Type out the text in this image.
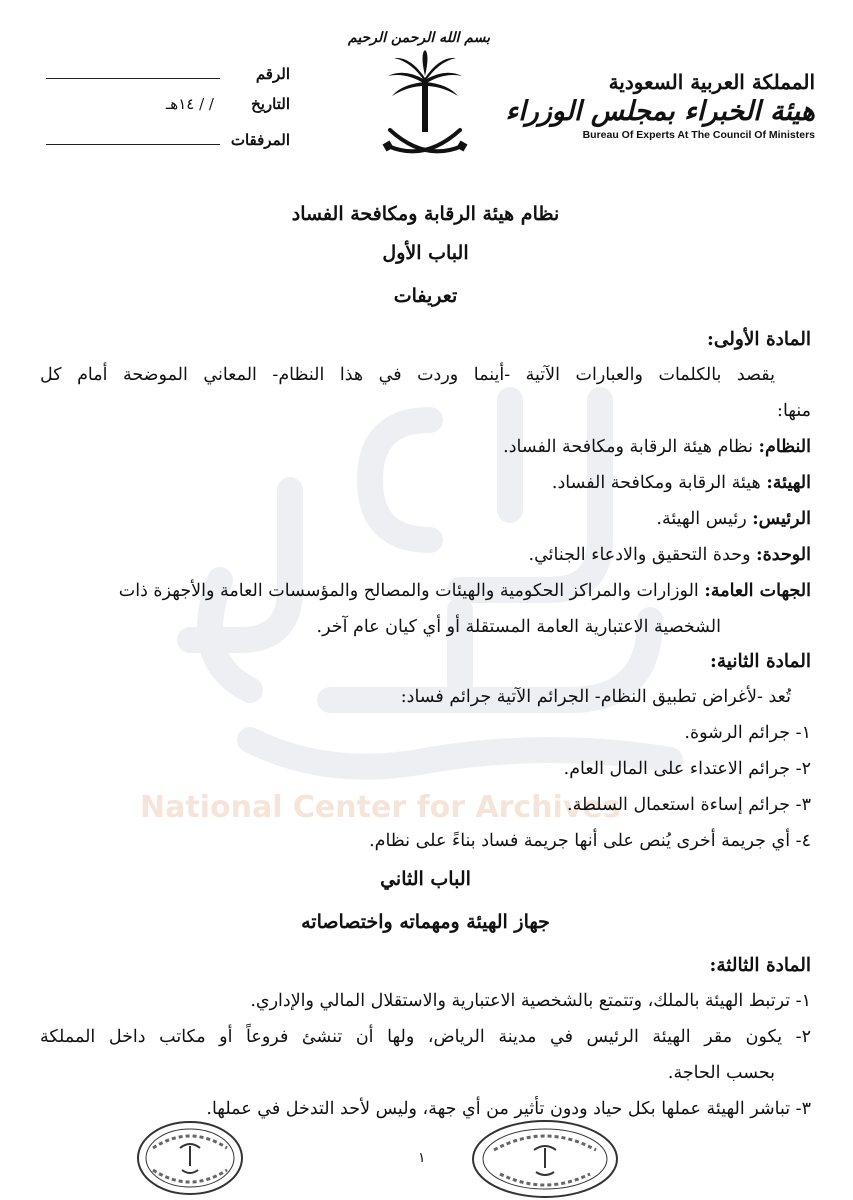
National Center for Archives
الرقم
التاريخ
/ / ١٤هـ
المرفقات
بسم الله الرحمن الرحيم
المملكة العربية السعودية
هيئة الخبراء بمجلس الوزراء
Bureau Of Experts At The Council Of Ministers
نظام هيئة الرقابة ومكافحة الفساد
الباب الأول
تعريفات
المادة الأولى:
يقصد بالكلمات والعبارات الآتية -أينما وردت في هذا النظام- المعاني الموضحة أمام كل
منها:
النظام: نظام هيئة الرقابة ومكافحة الفساد.
الهيئة: هيئة الرقابة ومكافحة الفساد.
الرئيس: رئيس الهيئة.
الوحدة: وحدة التحقيق والادعاء الجنائي.
الجهات العامة: الوزارات والمراكز الحكومية والهيئات والمصالح والمؤسسات العامة والأجهزة ذات
الشخصية الاعتبارية العامة المستقلة أو أي كيان عام آخر.
المادة الثانية:
تُعد -لأغراض تطبيق النظام- الجرائم الآتية جرائم فساد:
١- جرائم الرشوة.
٢- جرائم الاعتداء على المال العام.
٣- جرائم إساءة استعمال السلطة.
٤- أي جريمة أخرى يُنص على أنها جريمة فساد بناءً على نظام.
الباب الثاني
جهاز الهيئة ومهماته واختصاصاته
المادة الثالثة:
١- ترتبط الهيئة بالملك، وتتمتع بالشخصية الاعتبارية والاستقلال المالي والإداري.
٢- يكون مقر الهيئة الرئيس في مدينة الرياض، ولها أن تنشئ فروعاً أو مكاتب داخل المملكة
بحسب الحاجة.
٣- تباشر الهيئة عملها بكل حياد ودون تأثير من أي جهة، وليس لأحد التدخل في عملها.
١
